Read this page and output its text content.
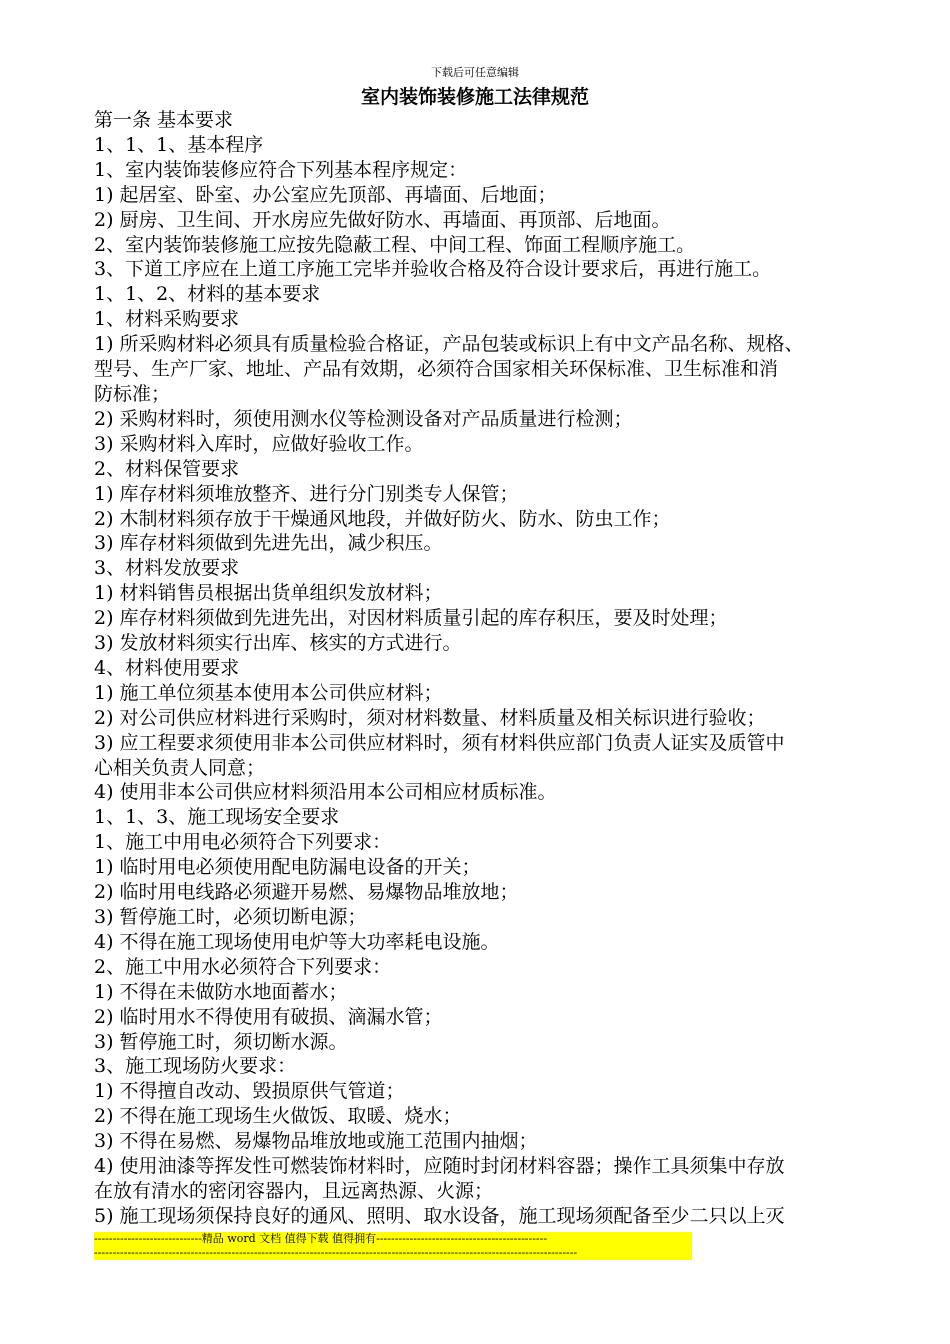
下载后可任意编辑
室内装饰装修施工法律规范
第一条 基本要求
1、1、1、基本程序
1、室内装饰装修应符合下列基本程序规定：
1) 起居室、卧室、办公室应先顶部、再墙面、后地面；
2) 厨房、卫生间、开水房应先做好防水、再墙面、再顶部、后地面。
2、室内装饰装修施工应按先隐蔽工程、中间工程、饰面工程顺序施工。
3、下道工序应在上道工序施工完毕并验收合格及符合设计要求后，再进行施工。
1、1、2、材料的基本要求
1、材料采购要求
1) 所采购材料必须具有质量检验合格证，产品包装或标识上有中文产品名称、规格、
型号、生产厂家、地址、产品有效期，必须符合国家相关环保标准、卫生标准和消
防标准；
2) 采购材料时，须使用测水仪等检测设备对产品质量进行检测；
3) 采购材料入库时，应做好验收工作。
2、材料保管要求
1) 库存材料须堆放整齐、进行分门别类专人保管；
2) 木制材料须存放于干燥通风地段，并做好防火、防水、防虫工作；
3) 库存材料须做到先进先出，减少积压。
3、材料发放要求
1) 材料销售员根据出货单组织发放材料；
2) 库存材料须做到先进先出，对因材料质量引起的库存积压，要及时处理；
3) 发放材料须实行出库、核实的方式进行。
4、材料使用要求
1) 施工单位须基本使用本公司供应材料；
2) 对公司供应材料进行采购时，须对材料数量、材料质量及相关标识进行验收；
3) 应工程要求须使用非本公司供应材料时，须有材料供应部门负责人证实及质管中
心相关负责人同意；
4) 使用非本公司供应材料须沿用本公司相应材质标准。
1、1、3、施工现场安全要求
1、施工中用电必须符合下列要求：
1) 临时用电必须使用配电防漏电设备的开关；
2) 临时用电线路必须避开易燃、易爆物品堆放地；
3) 暂停施工时，必须切断电源；
4) 不得在施工现场使用电炉等大功率耗电设施。
2、施工中用水必须符合下列要求：
1) 不得在未做防水地面蓄水；
2) 临时用水不得使用有破损、滴漏水管；
3) 暂停施工时，须切断水源。
3、施工现场防火要求：
1) 不得擅自改动、毁损原供气管道；
2) 不得在施工现场生火做饭、取暖、烧水；
3) 不得在易燃、易爆物品堆放地或施工范围内抽烟；
4) 使用油漆等挥发性可燃装饰材料时，应随时封闭材料容器；操作工具须集中存放
在放有清水的密闭容器内，且远离热源、火源；
5) 施工现场须保持良好的通风、照明、取水设备，施工现场须配备至少二只以上灭
-----------------------------精品 word 文档 值得下载 值得拥有----------------------------------------------
----------------------------------------------------------------------------------------------------------------------------------
